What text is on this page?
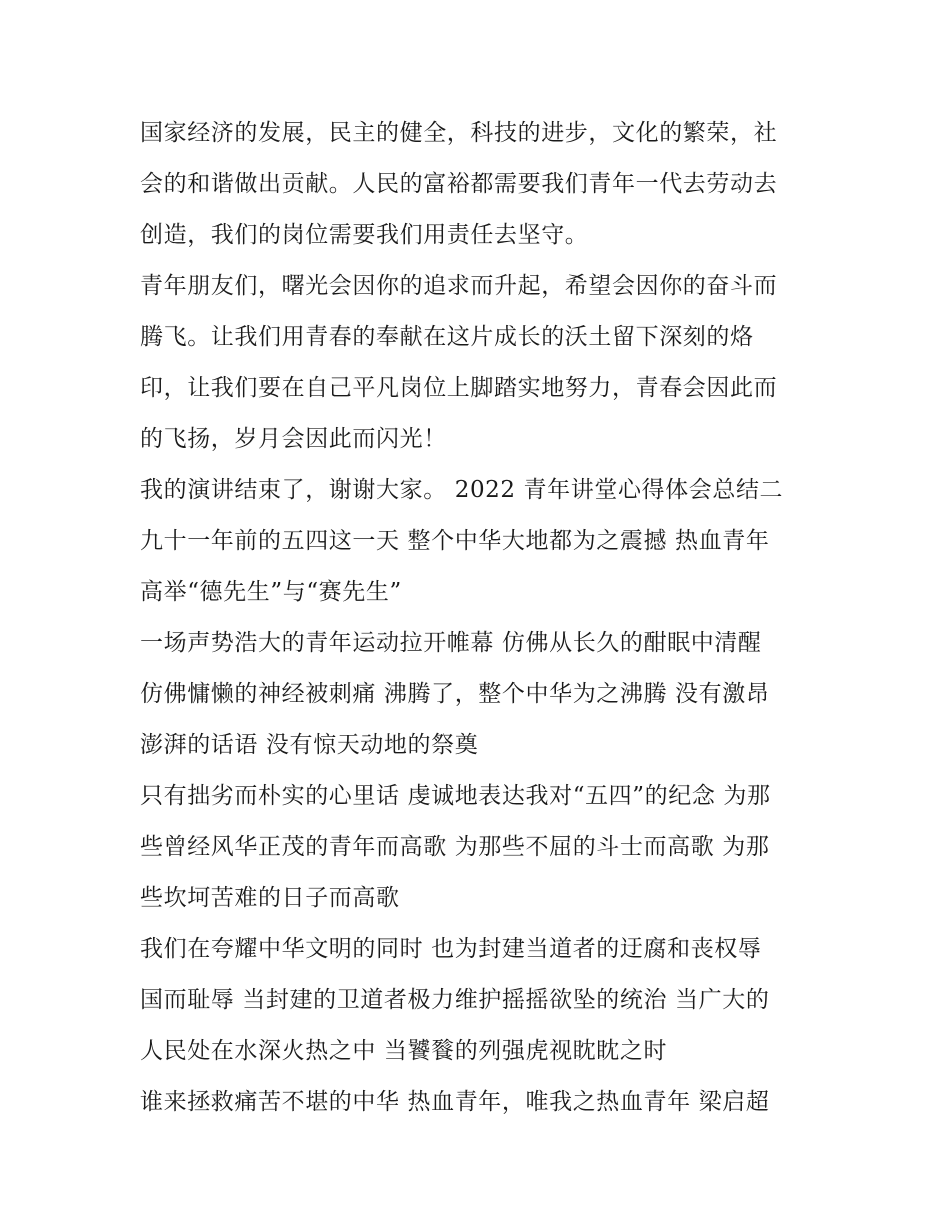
国家经济的发展，民主的健全，科技的进步，文化的繁荣，社
会的和谐做出贡献。人民的富裕都需要我们青年一代去劳动去
创造，我们的岗位需要我们用责任去坚守。
青年朋友们，曙光会因你的追求而升起，希望会因你的奋斗而
腾飞。让我们用青春的奉献在这片成长的沃土留下深刻的烙
印，让我们要在自己平凡岗位上脚踏实地努力，青春会因此而
的飞扬，岁月会因此而闪光！
我的演讲结束了，谢谢大家。 2022 青年讲堂心得体会总结二
九十一年前的五四这一天 整个中华大地都为之震撼 热血青年
高举“德先生”与“赛先生”
一场声势浩大的青年运动拉开帷幕 仿佛从长久的酣眠中清醒
仿佛慵懒的神经被刺痛 沸腾了，整个中华为之沸腾 没有激昂
澎湃的话语 没有惊天动地的祭奠
只有拙劣而朴实的心里话 虔诚地表达我对“五四”的纪念 为那
些曾经风华正茂的青年而高歌 为那些不屈的斗士而高歌 为那
些坎坷苦难的日子而高歌
我们在夸耀中华文明的同时 也为封建当道者的迂腐和丧权辱
国而耻辱 当封建的卫道者极力维护摇摇欲坠的统治 当广大的
人民处在水深火热之中 当饕餮的列强虎视眈眈之时
谁来拯救痛苦不堪的中华 热血青年，唯我之热血青年 梁启超
